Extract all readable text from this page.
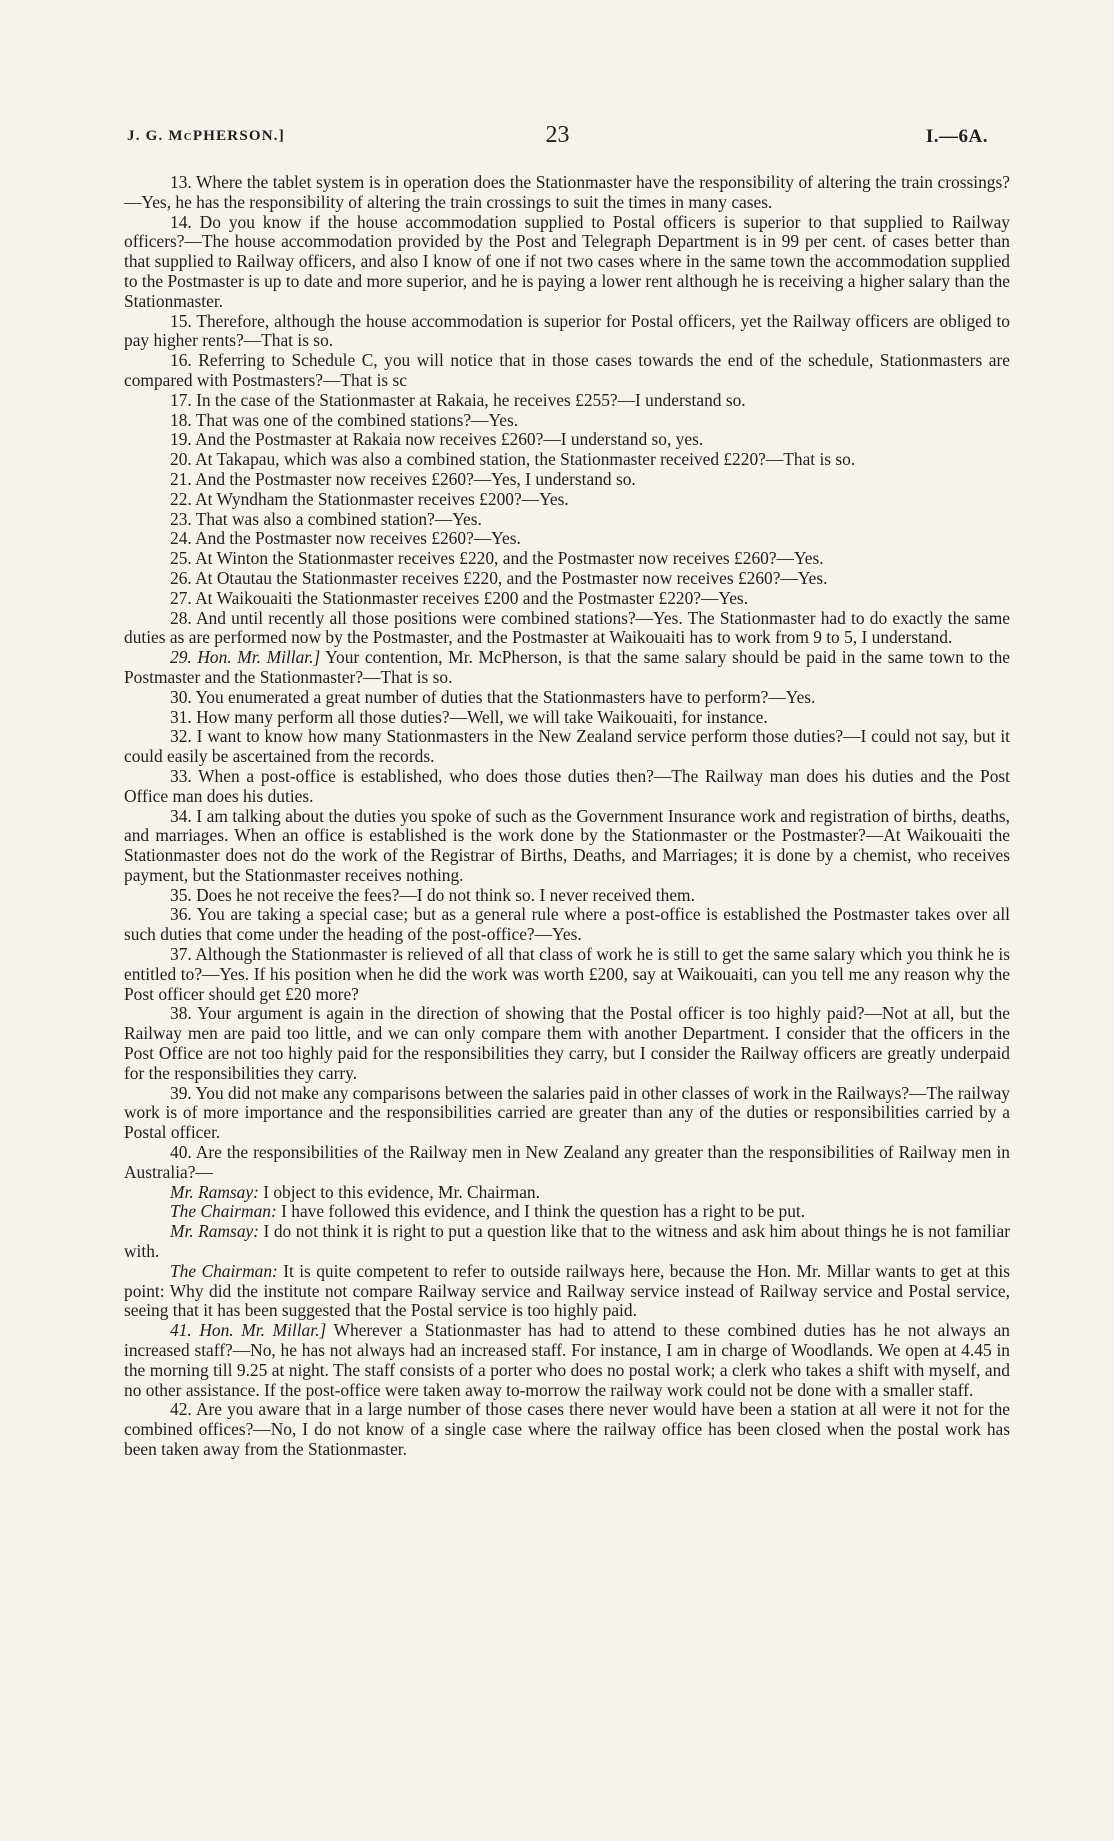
J. G. McPHERSON.]	23	I.—6A.

13. Where the tablet system is in operation does the Stationmaster have the responsibility of altering the train crossings?—Yes, he has the responsibility of altering the train crossings to suit the times in many cases.

14. Do you know if the house accommodation supplied to Postal officers is superior to that supplied to Railway officers?—The house accommodation provided by the Post and Telegraph Department is in 99 per cent. of cases better than that supplied to Railway officers, and also I know of one if not two cases where in the same town the accommodation supplied to the Postmaster is up to date and more superior, and he is paying a lower rent although he is receiving a higher salary than the Stationmaster.

15. Therefore, although the house accommodation is superior for Postal officers, yet the Railway officers are obliged to pay higher rents?—That is so.

16. Referring to Schedule C, you will notice that in those cases towards the end of the schedule, Stationmasters are compared with Postmasters?—That is sc

17. In the case of the Stationmaster at Rakaia, he receives £255?—I understand so.

18. That was one of the combined stations?—Yes.

19. And the Postmaster at Rakaia now receives £260?—I understand so, yes.

20. At Takapau, which was also a combined station, the Stationmaster received £220?—That is so.

21. And the Postmaster now receives £260?—Yes, I understand so.

22. At Wyndham the Stationmaster receives £200?—Yes.

23. That was also a combined station?—Yes.

24. And the Postmaster now receives £260?—Yes.

25. At Winton the Stationmaster receives £220, and the Postmaster now receives £260?—Yes.

26. At Otautau the Stationmaster receives £220, and the Postmaster now receives £260?—Yes.

27. At Waikouaiti the Stationmaster receives £200 and the Postmaster £220?—Yes.

28. And until recently all those positions were combined stations?—Yes. The Stationmaster had to do exactly the same duties as are performed now by the Postmaster, and the Postmaster at Waikouaiti has to work from 9 to 5, I understand.

29. Hon. Mr. Millar.] Your contention, Mr. McPherson, is that the same salary should be paid in the same town to the Postmaster and the Stationmaster?—That is so.

30. You enumerated a great number of duties that the Stationmasters have to perform?—Yes.

31. How many perform all those duties?—Well, we will take Waikouaiti, for instance.

32. I want to know how many Stationmasters in the New Zealand service perform those duties?—I could not say, but it could easily be ascertained from the records.

33. When a post-office is established, who does those duties then?—The Railway man does his duties and the Post Office man does his duties.

34. I am talking about the duties you spoke of such as the Government Insurance work and registration of births, deaths, and marriages. When an office is established is the work done by the Stationmaster or the Postmaster?—At Waikouaiti the Stationmaster does not do the work of the Registrar of Births, Deaths, and Marriages; it is done by a chemist, who receives payment, but the Stationmaster receives nothing.

35. Does he not receive the fees?—I do not think so. I never received them.

36. You are taking a special case; but as a general rule where a post-office is established the Postmaster takes over all such duties that come under the heading of the post-office?—Yes.

37. Although the Stationmaster is relieved of all that class of work he is still to get the same salary which you think he is entitled to?—Yes. If his position when he did the work was worth £200, say at Waikouaiti, can you tell me any reason why the Post officer should get £20 more?

38. Your argument is again in the direction of showing that the Postal officer is too highly paid?—Not at all, but the Railway men are paid too little, and we can only compare them with another Department. I consider that the officers in the Post Office are not too highly paid for the responsibilities they carry, but I consider the Railway officers are greatly underpaid for the responsibilities they carry.

39. You did not make any comparisons between the salaries paid in other classes of work in the Railways?—The railway work is of more importance and the responsibilities carried are greater than any of the duties or responsibilities carried by a Postal officer.

40. Are the responsibilities of the Railway men in New Zealand any greater than the responsibilities of Railway men in Australia?—

Mr. Ramsay: I object to this evidence, Mr. Chairman.

The Chairman: I have followed this evidence, and I think the question has a right to be put.

Mr. Ramsay: I do not think it is right to put a question like that to the witness and ask him about things he is not familiar with.

The Chairman: It is quite competent to refer to outside railways here, because the Hon. Mr. Millar wants to get at this point: Why did the institute not compare Railway service and Railway service instead of Railway service and Postal service, seeing that it has been suggested that the Postal service is too highly paid.

41. Hon. Mr. Millar.] Wherever a Stationmaster has had to attend to these combined duties has he not always an increased staff?—No, he has not always had an increased staff. For instance, I am in charge of Woodlands. We open at 4.45 in the morning till 9.25 at night. The staff consists of a porter who does no postal work; a clerk who takes a shift with myself, and no other assistance. If the post-office were taken away to-morrow the railway work could not be done with a smaller staff.

42. Are you aware that in a large number of those cases there never would have been a station at all were it not for the combined offices?—No, I do not know of a single case where the railway office has been closed when the postal work has been taken away from the Stationmaster.
